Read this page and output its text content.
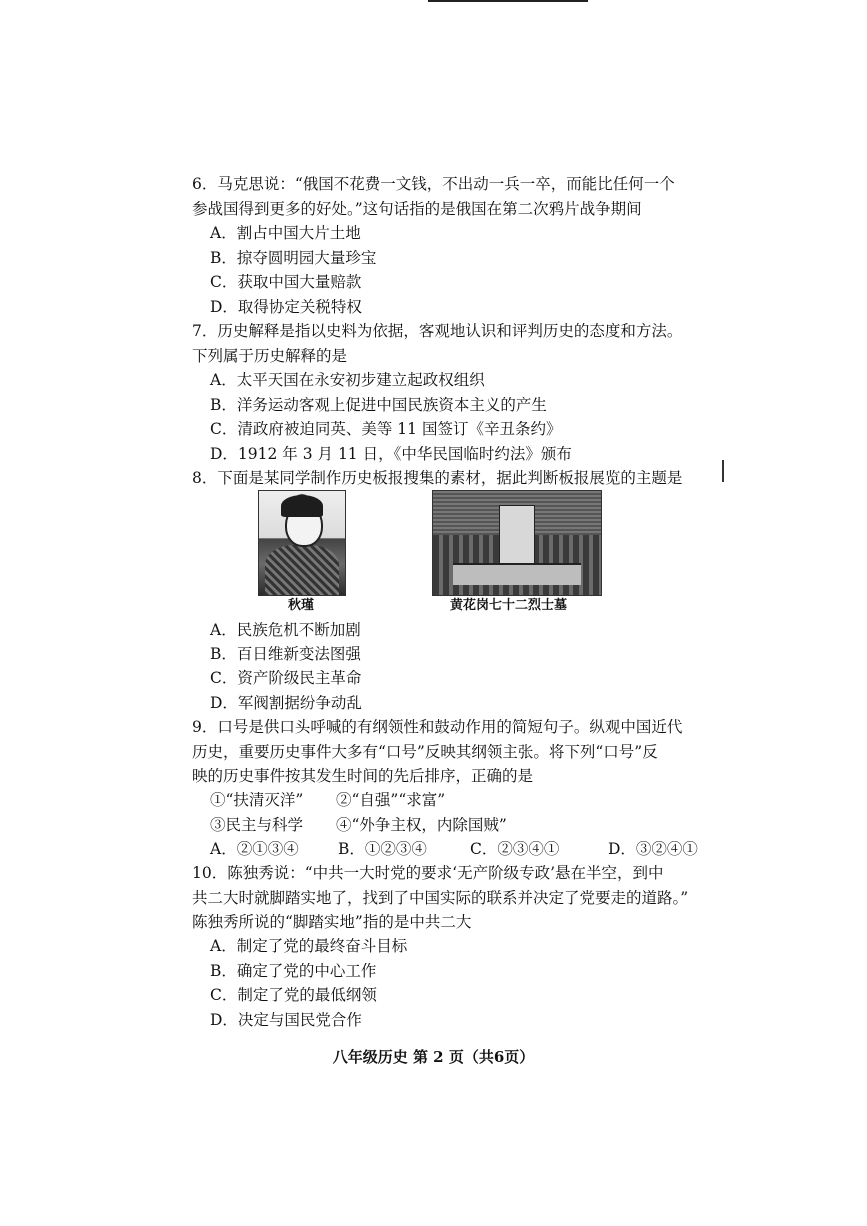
6．马克思说：“俄国不花费一文钱，不出动一兵一卒，而能比任何一个
参战国得到更多的好处。”这句话指的是俄国在第二次鸦片战争期间
A．割占中国大片土地
B．掠夺圆明园大量珍宝
C．获取中国大量赔款
D．取得协定关税特权
7．历史解释是指以史料为依据，客观地认识和评判历史的态度和方法。
下列属于历史解释的是
A．太平天国在永安初步建立起政权组织
B．洋务运动客观上促进中国民族资本主义的产生
C．清政府被迫同英、美等 11 国签订《辛丑条约》
D．1912 年 3 月 11 日，《中华民国临时约法》颁布
8．下面是某同学制作历史板报搜集的素材，据此判断板报展览的主题是
秋瑾	黄花岗七十二烈士墓
A．民族危机不断加剧
B．百日维新变法图强
C．资产阶级民主革命
D．军阀割据纷争动乱
9．口号是供口头呼喊的有纲领性和鼓动作用的简短句子。纵观中国近代
历史，重要历史事件大多有“口号”反映其纲领主张。将下列“口号”反
映的历史事件按其发生时间的先后排序，正确的是
①“扶清灭洋” ②“自强”“求富”
③民主与科学 ④“外争主权，内除国贼”
A．②①③④	B．①②③④	C．②③④①	D．③②④①
10．陈独秀说：“中共一大时党的要求‘无产阶级专政’悬在半空，到中
共二大时就脚踏实地了，找到了中国实际的联系并决定了党要走的道路。”
陈独秀所说的“脚踏实地”指的是中共二大
A．制定了党的最终奋斗目标
B．确定了党的中心工作
C．制定了党的最低纲领
D．决定与国民党合作
八年级历史 第 2 页（共6页）
